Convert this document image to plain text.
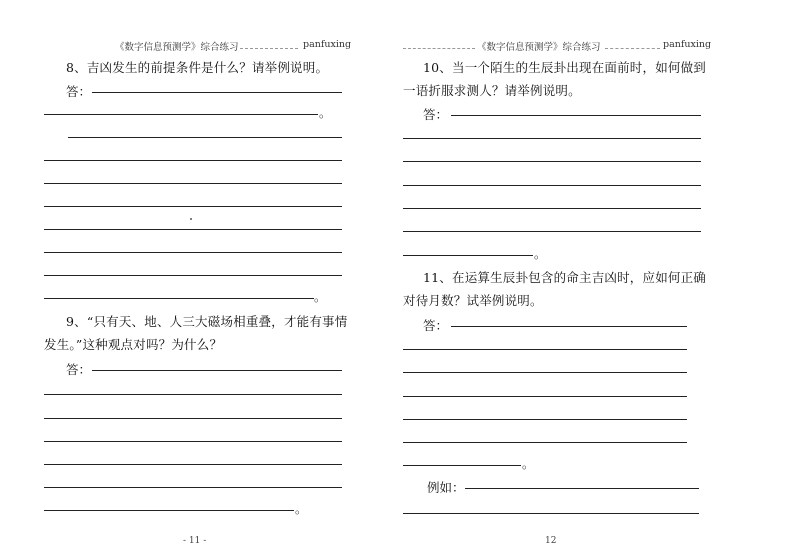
《数字信息预测学》综合练习	panfuxing
8、吉凶发生的前提条件是什么？请举例说明。
答：
。
。
9、“只有天、地、人三大磁场相重叠，才能有事情
发生。”这种观点对吗？为什么？
答：
。
- 11 -
《数字信息预测学》综合练习	panfuxing
10、当一个陌生的生辰卦出现在面前时，如何做到
一语折服求测人？请举例说明。
答：
。
11、在运算生辰卦包含的命主吉凶时，应如何正确
对待月数？试举例说明。
答：
。
例如：
12
